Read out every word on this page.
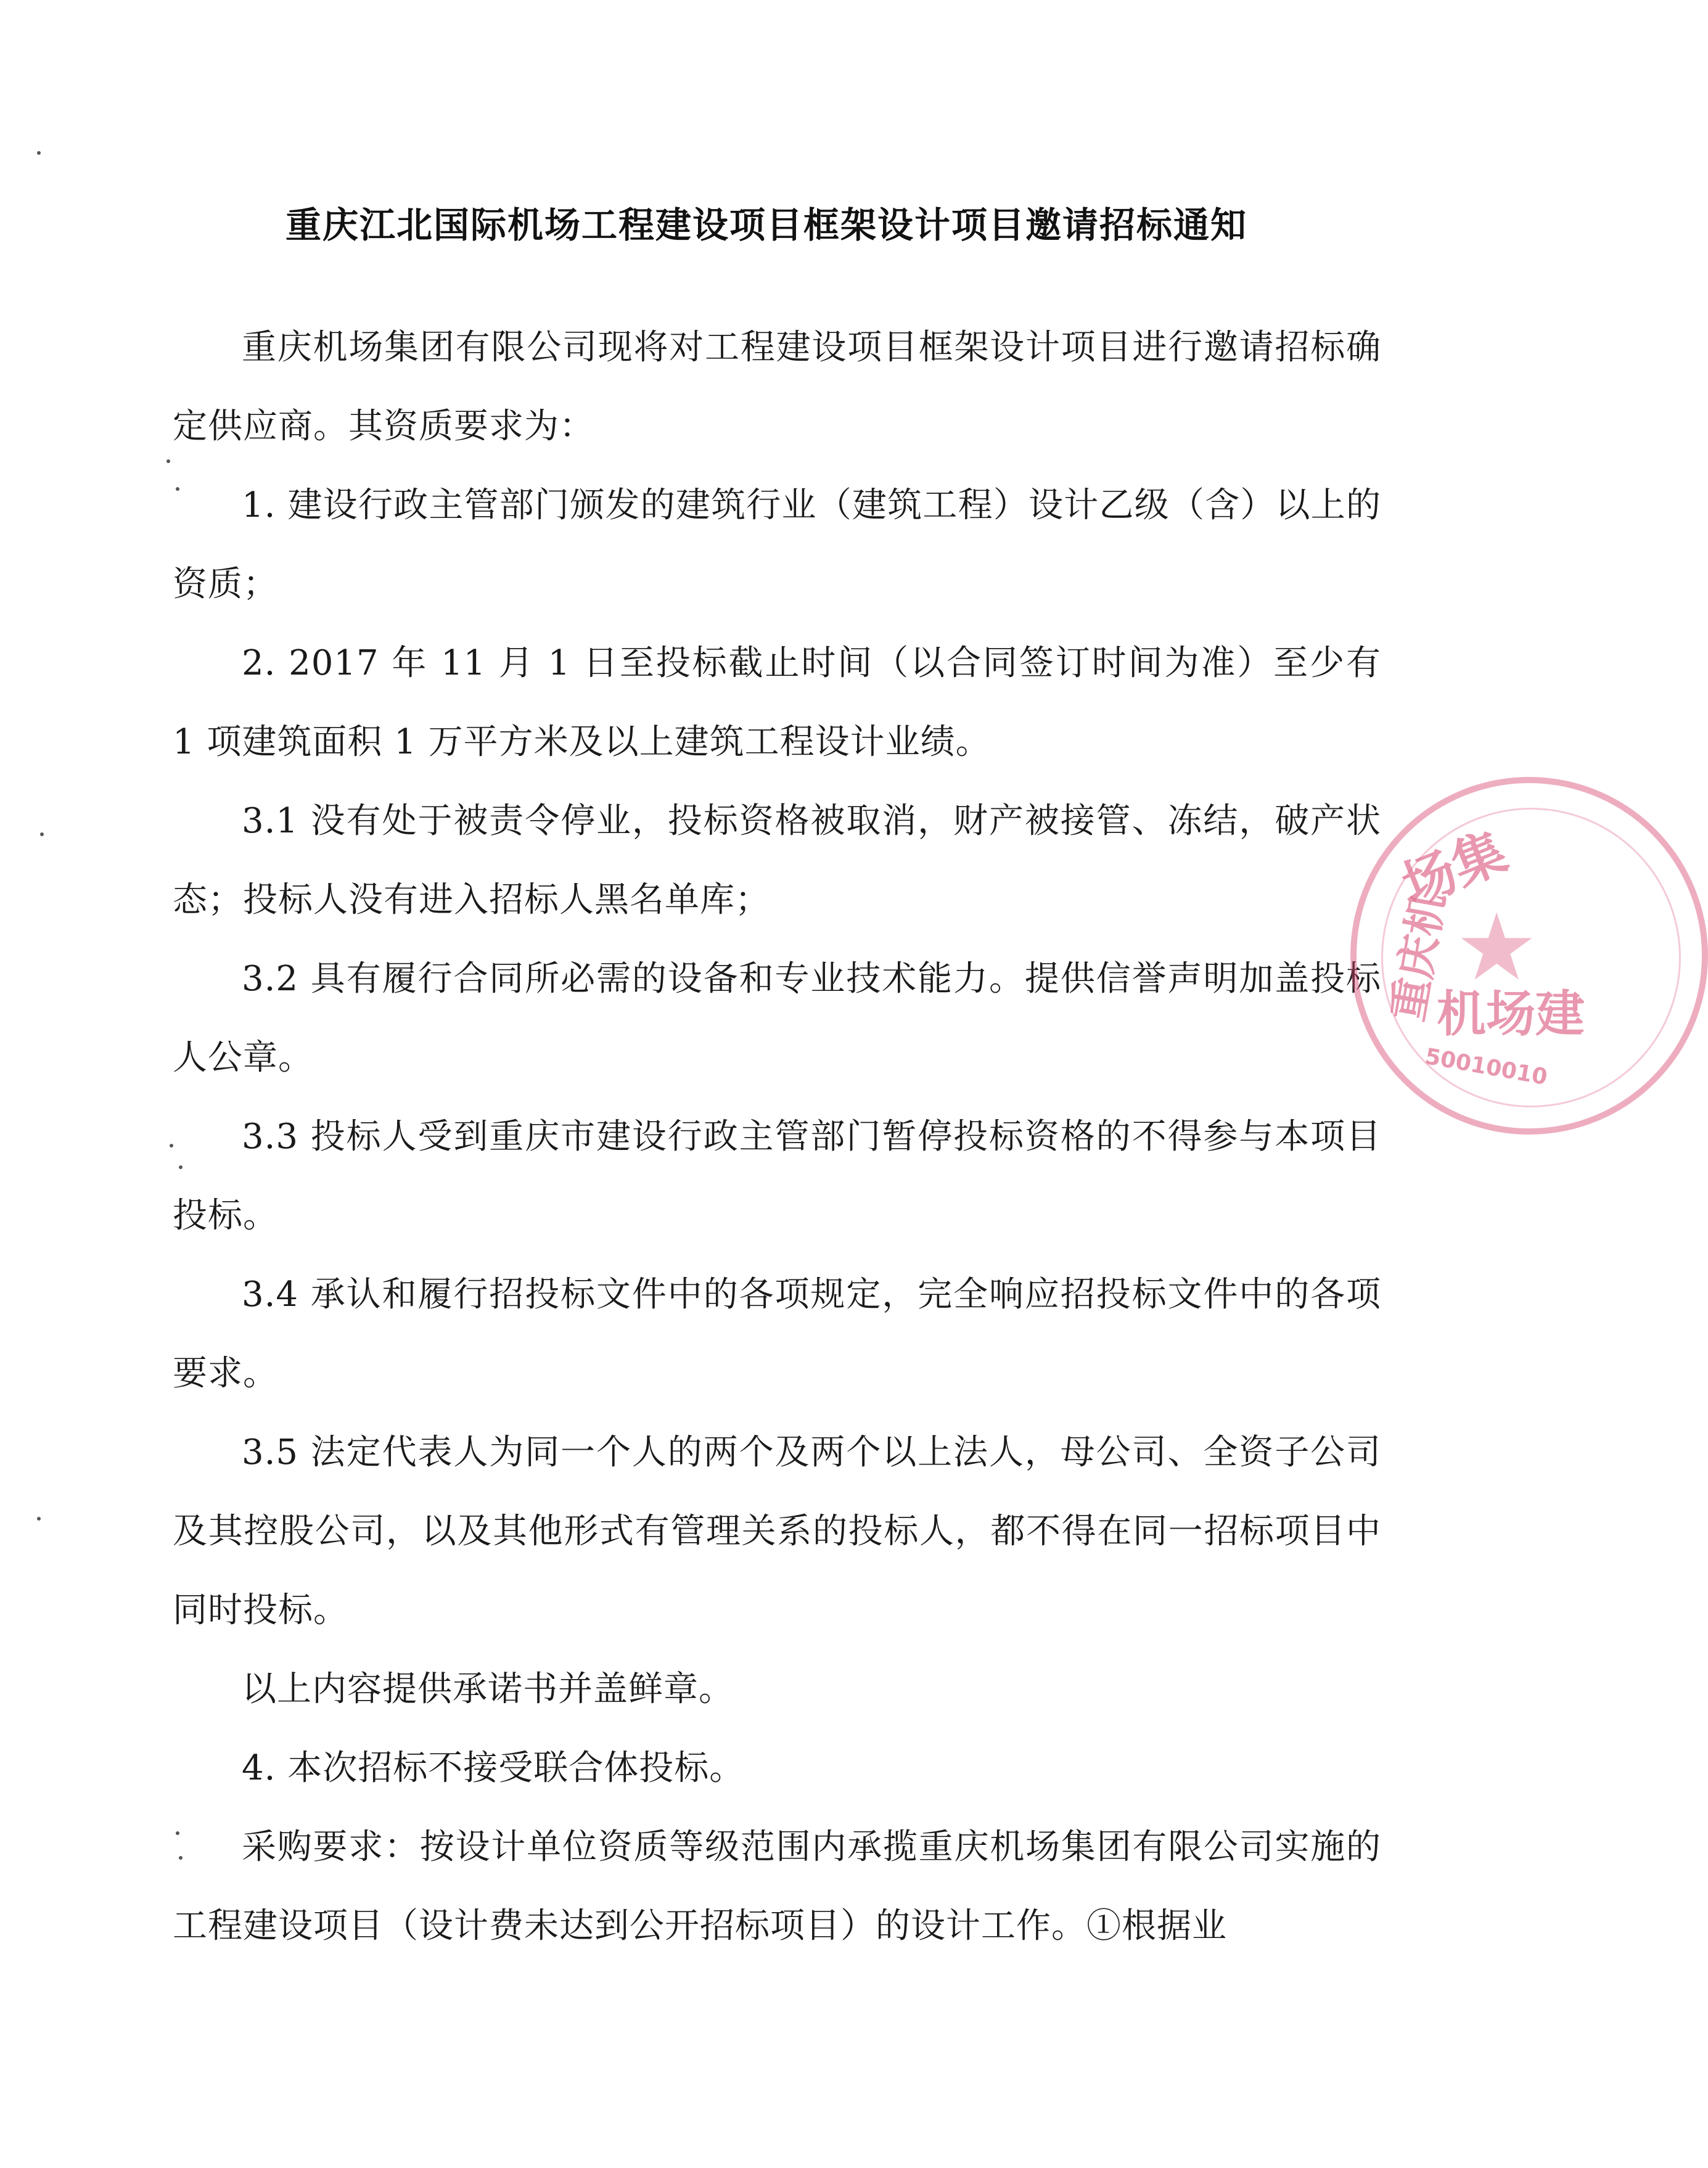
重庆江北国际机场工程建设项目框架设计项目邀请招标通知

重庆机场集团有限公司现将对工程建设项目框架设计项目进行邀请招标确定供应商。其资质要求为：

1. 建设行政主管部门颁发的建筑行业（建筑工程）设计乙级（含）以上的资质；

2. 2017 年 11 月 1 日至投标截止时间（以合同签订时间为准）至少有 1 项建筑面积 1 万平方米及以上建筑工程设计业绩。

3.1 没有处于被责令停业，投标资格被取消，财产被接管、冻结，破产状态；投标人没有进入招标人黑名单库；

3.2 具有履行合同所必需的设备和专业技术能力。提供信誉声明加盖投标人公章。

3.3 投标人受到重庆市建设行政主管部门暂停投标资格的不得参与本项目投标。

3.4 承认和履行招投标文件中的各项规定，完全响应招投标文件中的各项要求。

3.5 法定代表人为同一个人的两个及两个以上法人，母公司、全资子公司及其控股公司，以及其他形式有管理关系的投标人，都不得在同一招标项目中同时投标。

以上内容提供承诺书并盖鲜章。

4. 本次招标不接受联合体投标。

采购要求：按设计单位资质等级范围内承揽重庆机场集团有限公司实施的工程建设项目（设计费未达到公开招标项目）的设计工作。①根据业

★
场集
重庆机
机场建
50010010
